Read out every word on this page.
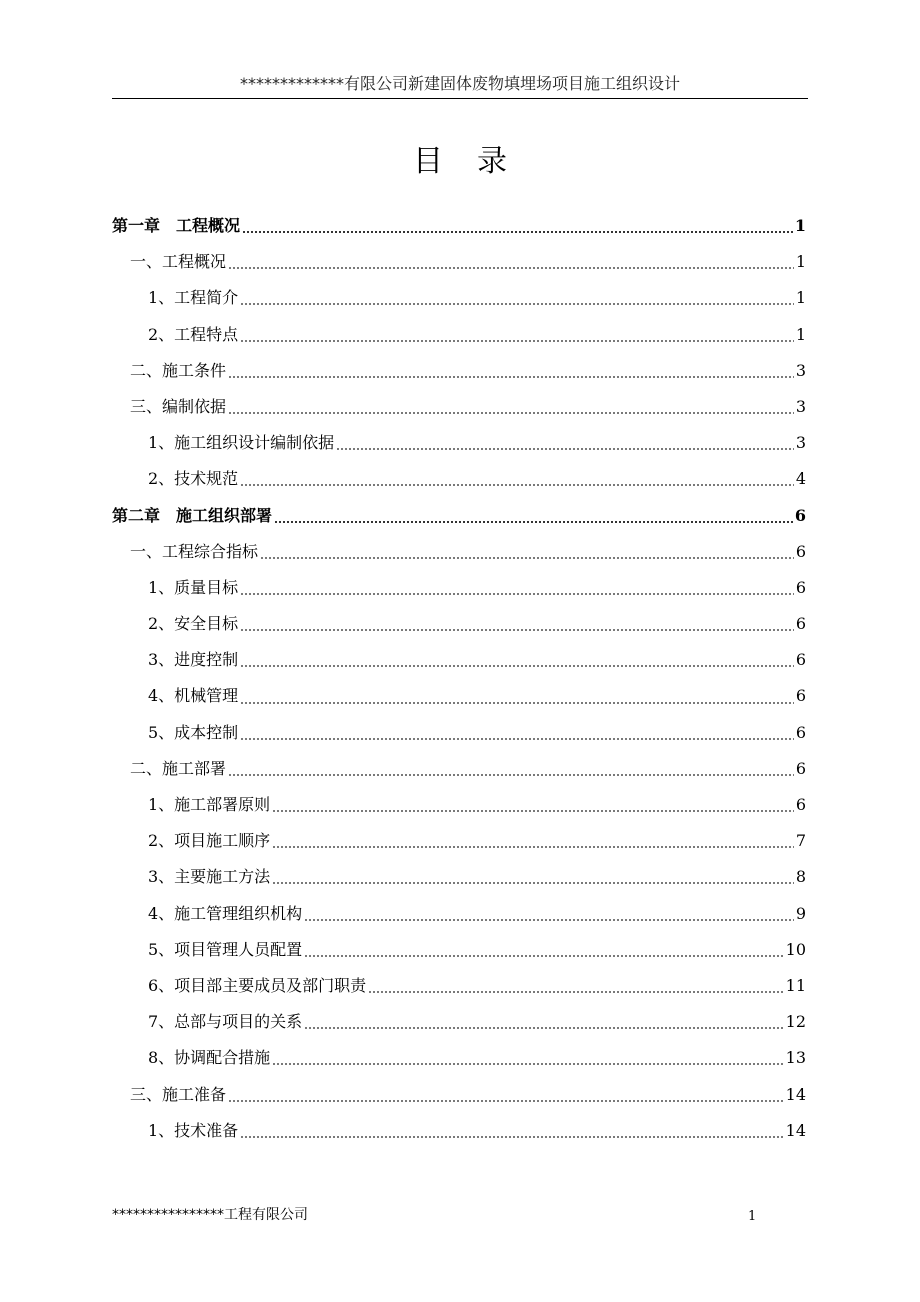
*************有限公司新建固体废物填埋场项目施工组织设计
目录
第一章　工程概况	1
一、工程概况	1
1、工程简介	1
2、工程特点	1
二、施工条件	3
三、编制依据	3
1、施工组织设计编制依据	3
2、技术规范	4
第二章　施工组织部署	6
一、工程综合指标	6
1、质量目标	6
2、安全目标	6
3、进度控制	6
4、机械管理	6
5、成本控制	6
二、施工部署	6
1、施工部署原则	6
2、项目施工顺序	7
3、主要施工方法	8
4、施工管理组织机构	9
5、项目管理人员配置	10
6、项目部主要成员及部门职责	11
7、总部与项目的关系	12
8、协调配合措施	13
三、施工准备	14
1、技术准备	14
****************工程有限公司	1
